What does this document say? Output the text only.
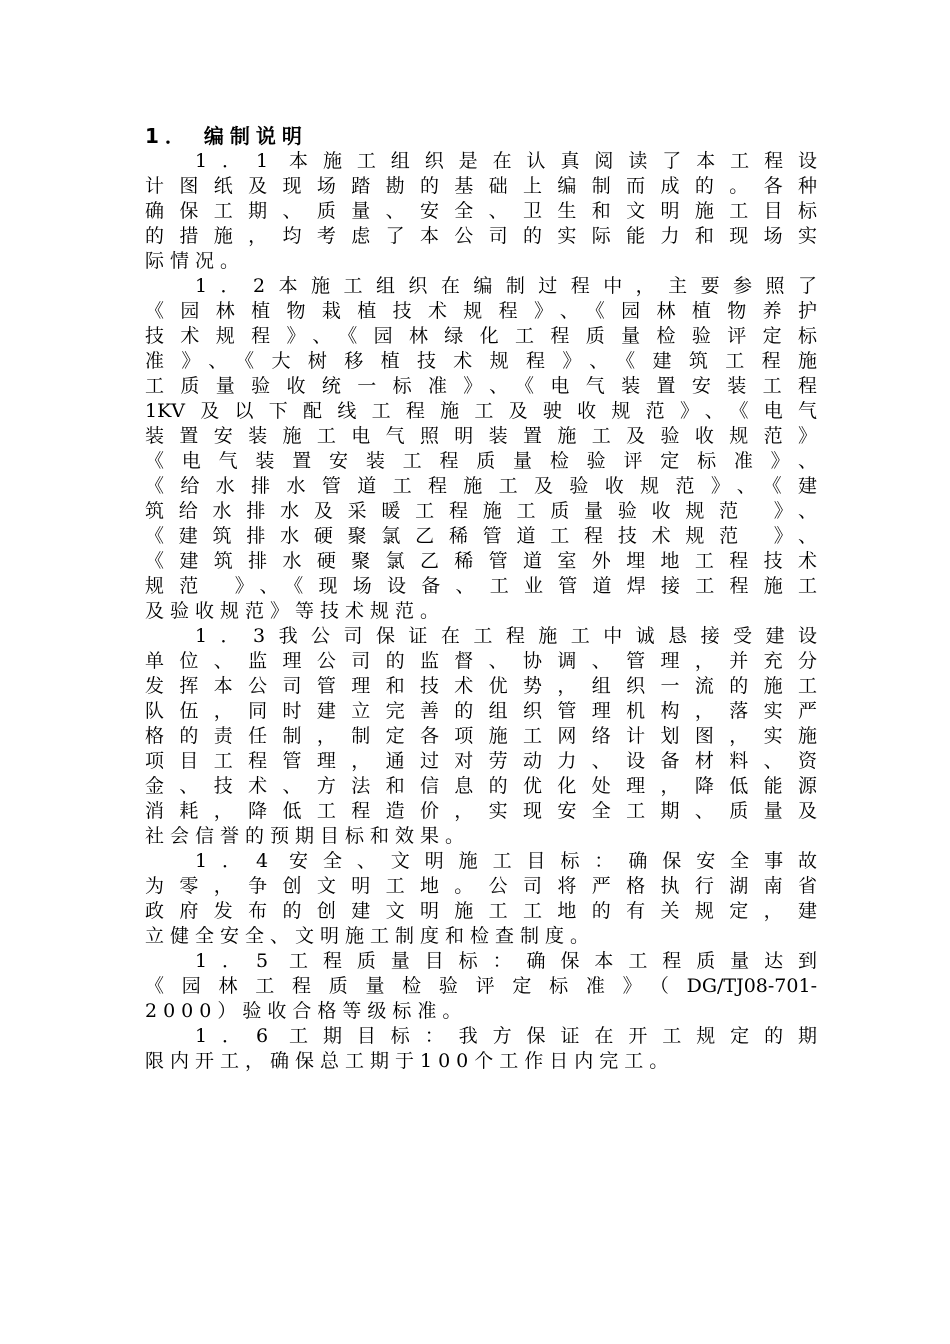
1． 编制说明
1．1 本施工组织是在认真阅读了本工程设
计图纸及现场踏勘的基础上编制而成的。各种
确保工期、质量、安全、卫生和文明施工目标
的措施，均考虑了本公司的实际能力和现场实
际情况。
1．2本施工组织在编制过程中，主要参照了
《园林植物栽植技术规程》、《园林植物养护
技术规程》、《园林绿化工程质量检验评定标
准》、《大树移植技术规程》、《建筑工程施
工质量验收统一标准》、《电气装置安装工程
1KV及以下配线工程施工及驶收规范》、《电气
装置安装施工电气照明装置施工及验收规范》
《电气装置安装工程质量检验评定标准》、
《给水排水管道工程施工及验收规范》、《建
筑给水排水及采暖工程施工质量验收规范 》、
《建筑排水硬聚氯乙稀管道工程技术规范 》、
《建筑排水硬聚氯乙稀管道室外埋地工程技术
规范 》、《现场设备、工业管道焊接工程施工
及验收规范》等技术规范。
1．3我公司保证在工程施工中诚恳接受建设
单位、监理公司的监督、协调、管理，并充分
发挥本公司管理和技术优势，组织一流的施工
队伍，同时建立完善的组织管理机构，落实严
格的责任制，制定各项施工网络计划图，实施
项目工程管理，通过对劳动力、设备材料、资
金、技术、方法和信息的优化处理，降低能源
消耗，降低工程造价，实现安全工期、质量及
社会信誉的预期目标和效果。
1．4 安全、文明施工目标：确保安全事故
为零，争创文明工地。公司将严格执行湖南省
政府发布的创建文明施工工地的有关规定，建
立健全安全、文明施工制度和检查制度。
1．5 工程质量目标：确保本工程质量达到
《园林工程质量检验评定标准》（DG/TJ08-701-
2000）验收合格等级标准。
1．6 工期目标：我方保证在开工规定的期
限内开工，确保总工期于100个工作日内完工。
